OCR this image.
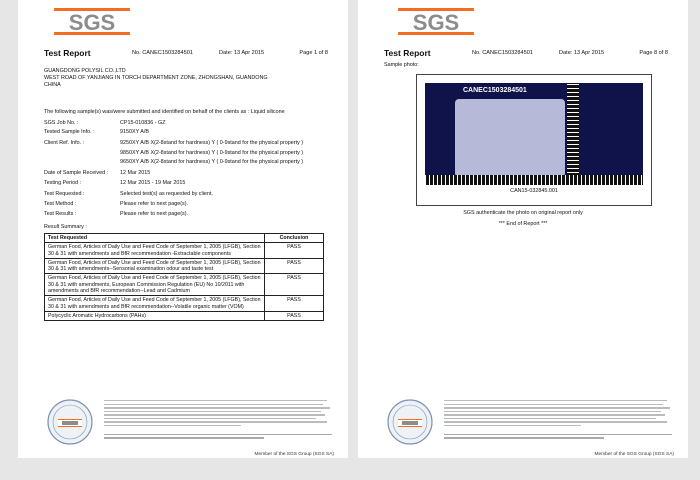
SGS
Test Report	No. CANEC1503284501	Date: 13 Apr 2015	Page 1 of 8
GUANGDONG POLYSIL CO.,LTD
WEST ROAD OF YANJIANG IN TORCH DEPARTMENT ZONE, ZHONGSHAN, GUANDONG
CHINA
The following sample(s) was/were submitted and identified on behalf of the clients as : Liquid silicone
SGS Job No. :	CP15-010836 - GZ
Tested Sample Info. :	9150XY A/B
Client Ref. Info. :	9250XY A/B X(2-8stand for hardness) Y ( 0-9stand for the physical property )
9850XY A/B X(2-8stand for hardness) Y ( 0-9stand for the physical property )
9650XY A/B X(2-8stand for hardness) Y ( 0-9stand for the physical property )
Date of Sample Received : 12 Mar 2015
Testing Period :	12 Mar 2015 - 19 Mar 2015
Test Requested :	Selected test(s) as requested by client.
Test Method :	Please refer to next page(s).
Test Results :	Please refer to next page(s).
Result Summary :
Test Requested	Conclusion
German Food, Articles of Daily Use and Feed Code of September 1, 2005 (LFGB), Section 30 & 31 with amendments and BfR recommendation -Extractable components	PASS
German Food, Articles of Daily Use and Feed Code of September 1, 2005 (LFGB), Section 30 & 31 with amendments--Sensorial examination odour and taste test	PASS
German Food, Articles of Daily Use and Feed Code of September 1, 2005 (LFGB), Section 30 & 31 with amendments, European Commission Regulation (EU) No 10/2011 with amendments and BfR recommendation--Lead and Cadmium	PASS
German Food, Articles of Daily Use and Feed Code of September 1, 2005 (LFGB), Section 30 & 31 with amendments and BfR recommendation--Volatile organic matter (VOM)	PASS
Polycyclic Aromatic Hydrocarbons (PAHs)	PASS
Member of the SGS Group (SGS SA)
SGS
Test Report	No. CANEC1503284501	Date: 13 Apr 2015	Page 8 of 8
Sample photo:
CANEC1503284501
CAN15-032845.001
SGS authenticate the photo on original report only
*** End of Report ***
Member of the SGS Group (SGS SA)
